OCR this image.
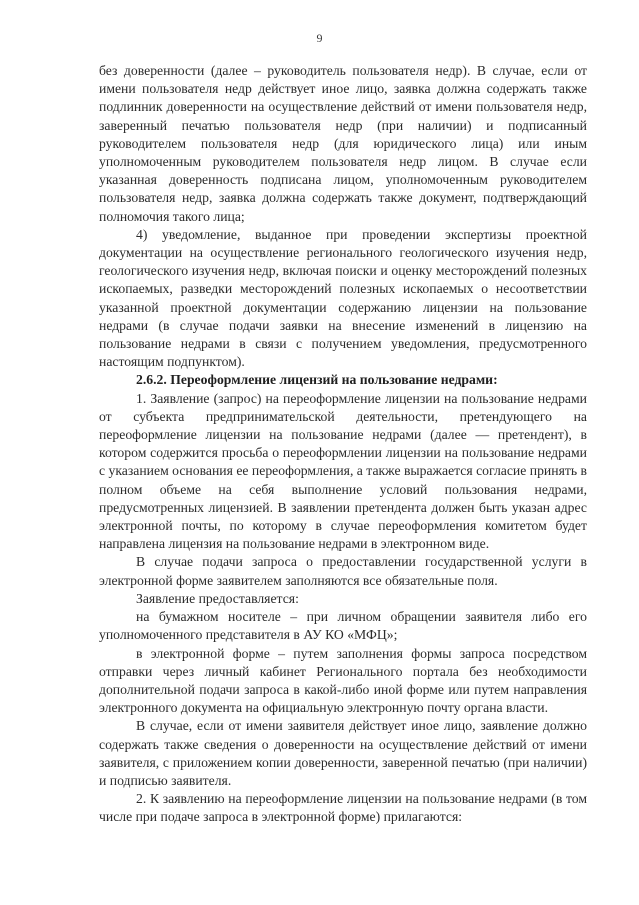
9

без доверенности (далее – руководитель пользователя недр). В случае, если от имени пользователя недр действует иное лицо, заявка должна содержать также подлинник доверенности на осуществление действий от имени пользователя недр, заверенный печатью пользователя недр (при наличии) и подписанный руководителем пользователя недр (для юридического лица) или иным уполномоченным руководителем пользователя недр лицом. В случае если указанная доверенность подписана лицом, уполномоченным руководителем пользователя недр, заявка должна содержать также документ, подтверждающий полномочия такого лица;

4) уведомление, выданное при проведении экспертизы проектной документации на осуществление регионального геологического изучения недр, геологического изучения недр, включая поиски и оценку месторождений полезных ископаемых, разведки месторождений полезных ископаемых о несоответствии указанной проектной документации содержанию лицензии на пользование недрами (в случае подачи заявки на внесение изменений в лицензию на пользование недрами в связи с получением уведомления, предусмотренного настоящим подпунктом).

2.6.2. Переоформление лицензий на пользование недрами:

1. Заявление (запрос) на переоформление лицензии на пользование недрами от субъекта предпринимательской деятельности, претендующего на переоформление лицензии на пользование недрами (далее — претендент), в котором содержится просьба о переоформлении лицензии на пользование недрами с указанием основания ее переоформления, а также выражается согласие принять в полном объеме на себя выполнение условий пользования недрами, предусмотренных лицензией. В заявлении претендента должен быть указан адрес электронной почты, по которому в случае переоформления комитетом будет направлена лицензия на пользование недрами в электронном виде.

В случае подачи запроса о предоставлении государственной услуги в электронной форме заявителем заполняются все обязательные поля.

Заявление предоставляется:

на бумажном носителе – при личном обращении заявителя либо его уполномоченного представителя в АУ КО «МФЦ»;

в электронной форме – путем заполнения формы запроса посредством отправки через личный кабинет Регионального портала без необходимости дополнительной подачи запроса в какой-либо иной форме или путем направления электронного документа на официальную электронную почту органа власти.

В случае, если от имени заявителя действует иное лицо, заявление должно содержать также сведения о доверенности на осуществление действий от имени заявителя, с приложением копии доверенности, заверенной печатью (при наличии) и подписью заявителя.

2. К заявлению на переоформление лицензии на пользование недрами (в том числе при подаче запроса в электронной форме) прилагаются:
